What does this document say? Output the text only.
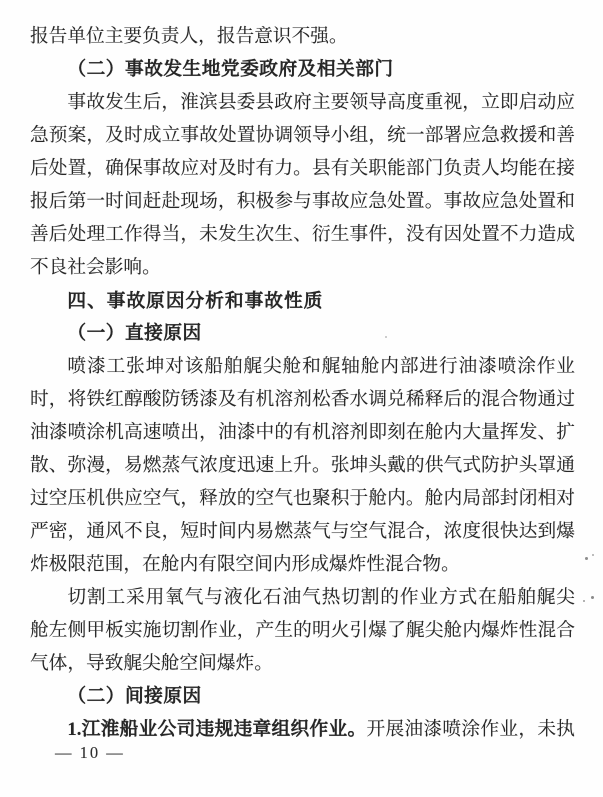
报告单位主要负责人，报告意识不强。
（二）事故发生地党委政府及相关部门
事故发生后，淮滨县委县政府主要领导高度重视，立即启动应
急预案，及时成立事故处置协调领导小组，统一部署应急救援和善
后处置，确保事故应对及时有力。县有关职能部门负责人均能在接
报后第一时间赶赴现场，积极参与事故应急处置。事故应急处置和
善后处理工作得当，未发生次生、衍生事件，没有因处置不力造成
不良社会影响。
四、事故原因分析和事故性质
（一）直接原因
喷漆工张坤对该船舶艉尖舱和艉轴舱内部进行油漆喷涂作业
时，将铁红醇酸防锈漆及有机溶剂松香水调兑稀释后的混合物通过
油漆喷涂机高速喷出，油漆中的有机溶剂即刻在舱内大量挥发、扩
散、弥漫，易燃蒸气浓度迅速上升。张坤头戴的供气式防护头罩通
过空压机供应空气，释放的空气也聚积于舱内。舱内局部封闭相对
严密，通风不良，短时间内易燃蒸气与空气混合，浓度很快达到爆
炸极限范围，在舱内有限空间内形成爆炸性混合物。
切割工采用氧气与液化石油气热切割的作业方式在船舶艉尖
舱左侧甲板实施切割作业，产生的明火引爆了艉尖舱内爆炸性混合
气体，导致艉尖舱空间爆炸。
（二）间接原因
1.江淮船业公司违规违章组织作业。开展油漆喷涂作业，未执
— 10 —
